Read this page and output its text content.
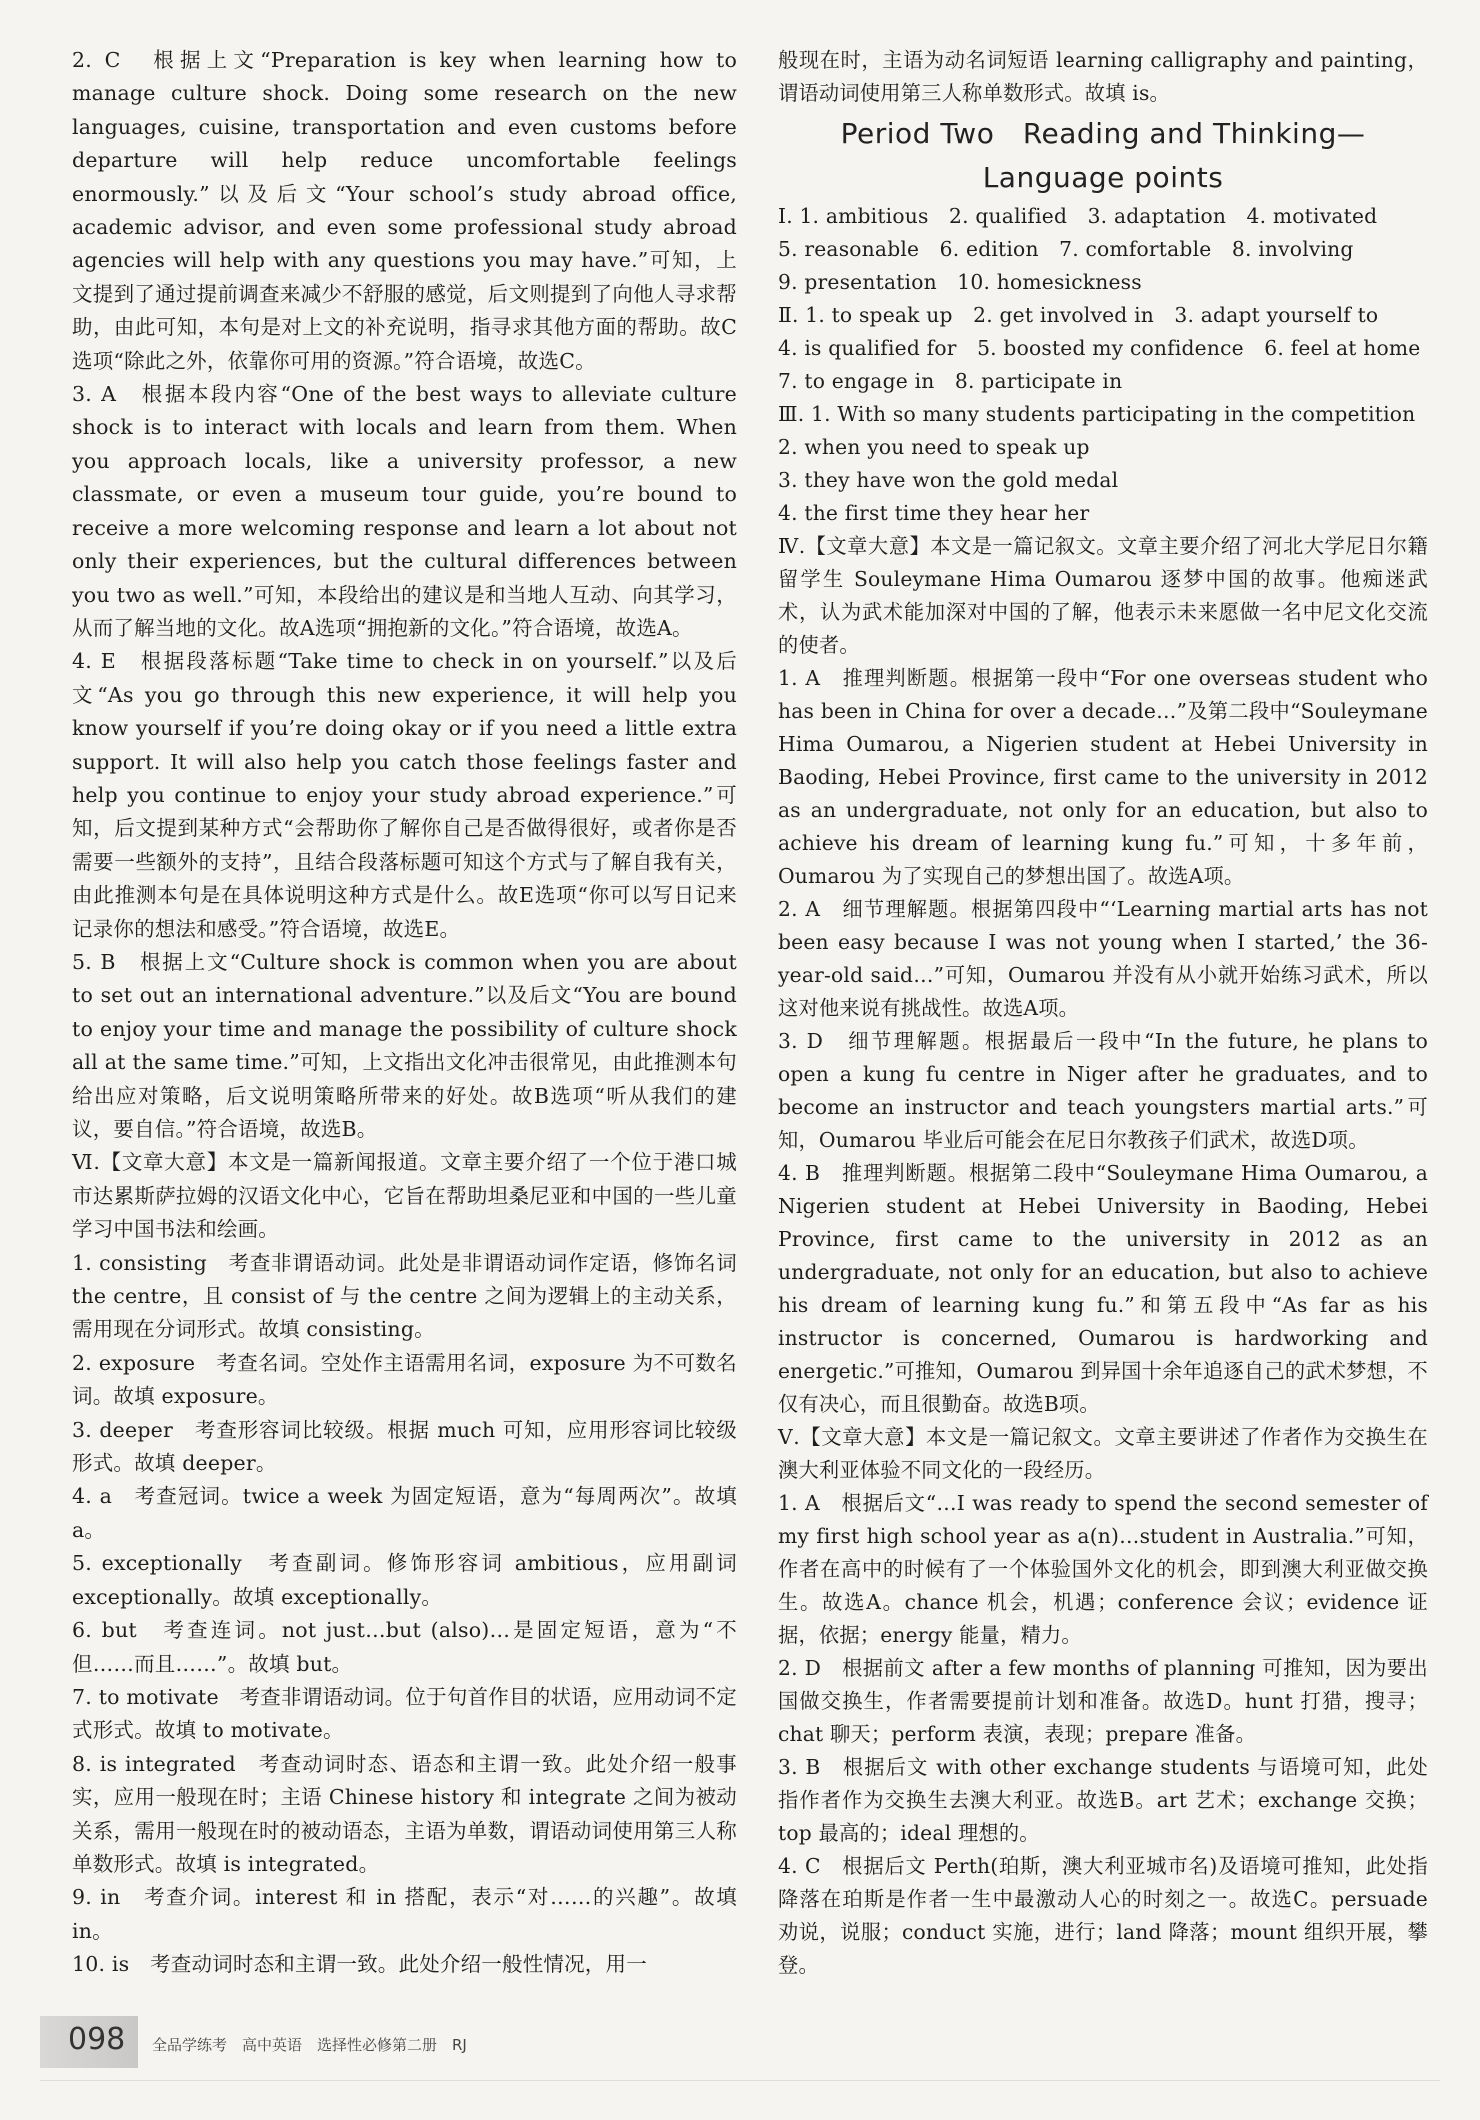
2. C　根据上文“Preparation is key when learning how to manage culture shock. Doing some research on the new languages, cuisine, transportation and even customs before departure will help reduce uncomfortable feelings enormously.”以及后文“Your school’s study abroad office, academic advisor, and even some professional study abroad agencies will help with any questions you may have.”可知，上文提到了通过提前调查来减少不舒服的感觉，后文则提到了向他人寻求帮助，由此可知，本句是对上文的补充说明，指寻求其他方面的帮助。故C选项“除此之外，依靠你可用的资源。”符合语境，故选C。

3. A　根据本段内容“One of the best ways to alleviate culture shock is to interact with locals and learn from them. When you approach locals, like a university professor, a new classmate, or even a museum tour guide, you’re bound to receive a more welcoming response and learn a lot about not only their experiences, but the cultural differences between you two as well.”可知，本段给出的建议是和当地人互动、向其学习，从而了解当地的文化。故A选项“拥抱新的文化。”符合语境，故选A。

4. E　根据段落标题“Take time to check in on yourself.”以及后文“As you go through this new experience, it will help you know yourself if you’re doing okay or if you need a little extra support. It will also help you catch those feelings faster and help you continue to enjoy your study abroad experience.”可知，后文提到某种方式“会帮助你了解你自己是否做得很好，或者你是否需要一些额外的支持”，且结合段落标题可知这个方式与了解自我有关，由此推测本句是在具体说明这种方式是什么。故E选项“你可以写日记来记录你的想法和感受。”符合语境，故选E。

5. B　根据上文“Culture shock is common when you are about to set out an international adventure.”以及后文“You are bound to enjoy your time and manage the possibility of culture shock all at the same time.”可知，上文指出文化冲击很常见，由此推测本句给出应对策略，后文说明策略所带来的好处。故B选项“听从我们的建议，要自信。”符合语境，故选B。

Ⅵ.【文章大意】本文是一篇新闻报道。文章主要介绍了一个位于港口城市达累斯萨拉姆的汉语文化中心，它旨在帮助坦桑尼亚和中国的一些儿童学习中国书法和绘画。

1. consisting　考查非谓语动词。此处是非谓语动词作定语，修饰名词 the centre，且 consist of 与 the centre 之间为逻辑上的主动关系，需用现在分词形式。故填 consisting。

2. exposure　考查名词。空处作主语需用名词，exposure 为不可数名词。故填 exposure。

3. deeper　考查形容词比较级。根据 much 可知，应用形容词比较级形式。故填 deeper。

4. a　考查冠词。twice a week 为固定短语，意为“每周两次”。故填 a。

5. exceptionally　考查副词。修饰形容词 ambitious，应用副词 exceptionally。故填 exceptionally。

6. but　考查连词。not just…but (also)…是固定短语，意为“不但……而且……”。故填 but。

7. to motivate　考查非谓语动词。位于句首作目的状语，应用动词不定式形式。故填 to motivate。

8. is integrated　考查动词时态、语态和主谓一致。此处介绍一般事实，应用一般现在时；主语 Chinese history 和 integrate 之间为被动关系，需用一般现在时的被动语态，主语为单数，谓语动词使用第三人称单数形式。故填 is integrated。

9. in　考查介词。interest 和 in 搭配，表示“对……的兴趣”。故填 in。

10. is　考查动词时态和主谓一致。此处介绍一般性情况，用一

般现在时，主语为动名词短语 learning calligraphy and painting，谓语动词使用第三人称单数形式。故填 is。

Period Two　Reading and Thinking—
Language points

Ⅰ. 1. ambitious　2. qualified　3. adaptation　4. motivated

5. reasonable　6. edition　7. comfortable　8. involving

9. presentation　10. homesickness

Ⅱ. 1. to speak up　2. get involved in　3. adapt yourself to

4. is qualified for　5. boosted my confidence　6. feel at home

7. to engage in　8. participate in

Ⅲ. 1. With so many students participating in the competition

2. when you need to speak up

3. they have won the gold medal

4. the first time they hear her

Ⅳ.【文章大意】本文是一篇记叙文。文章主要介绍了河北大学尼日尔籍留学生 Souleymane Hima Oumarou 逐梦中国的故事。他痴迷武术，认为武术能加深对中国的了解，他表示未来愿做一名中尼文化交流的使者。

1. A　推理判断题。根据第一段中“For one overseas student who has been in China for over a decade…”及第二段中“Souleymane Hima Oumarou, a Nigerien student at Hebei University in Baoding, Hebei Province, first came to the university in 2012 as an undergraduate, not only for an education, but also to achieve his dream of learning kung fu.”可知，十多年前，Oumarou 为了实现自己的梦想出国了。故选A项。

2. A　细节理解题。根据第四段中“‘Learning martial arts has not been easy because I was not young when I started,’ the 36-year-old said…”可知，Oumarou 并没有从小就开始练习武术，所以这对他来说有挑战性。故选A项。

3. D　细节理解题。根据最后一段中“In the future, he plans to open a kung fu centre in Niger after he graduates, and to become an instructor and teach youngsters martial arts.”可知，Oumarou 毕业后可能会在尼日尔教孩子们武术，故选D项。

4. B　推理判断题。根据第二段中“Souleymane Hima Oumarou, a Nigerien student at Hebei University in Baoding, Hebei Province, first came to the university in 2012 as an undergraduate, not only for an education, but also to achieve his dream of learning kung fu.”和第五段中“As far as his instructor is concerned, Oumarou is hardworking and energetic.”可推知，Oumarou 到异国十余年追逐自己的武术梦想，不仅有决心，而且很勤奋。故选B项。

Ⅴ.【文章大意】本文是一篇记叙文。文章主要讲述了作者作为交换生在澳大利亚体验不同文化的一段经历。

1. A　根据后文“…I was ready to spend the second semester of my first high school year as a(n)…student in Australia.”可知，作者在高中的时候有了一个体验国外文化的机会，即到澳大利亚做交换生。故选A。chance 机会，机遇；conference 会议；evidence 证据，依据；energy 能量，精力。

2. D　根据前文 after a few months of planning 可推知，因为要出国做交换生，作者需要提前计划和准备。故选D。hunt 打猎，搜寻；chat 聊天；perform 表演，表现；prepare 准备。

3. B　根据后文 with other exchange students 与语境可知，此处指作者作为交换生去澳大利亚。故选B。art 艺术；exchange 交换；top 最高的；ideal 理想的。

4. C　根据后文 Perth(珀斯，澳大利亚城市名)及语境可推知，此处指降落在珀斯是作者一生中最激动人心的时刻之一。故选C。persuade 劝说，说服；conduct 实施，进行；land 降落；mount 组织开展，攀登。

098 全品学练考　高中英语　选择性必修第二册　RJ
